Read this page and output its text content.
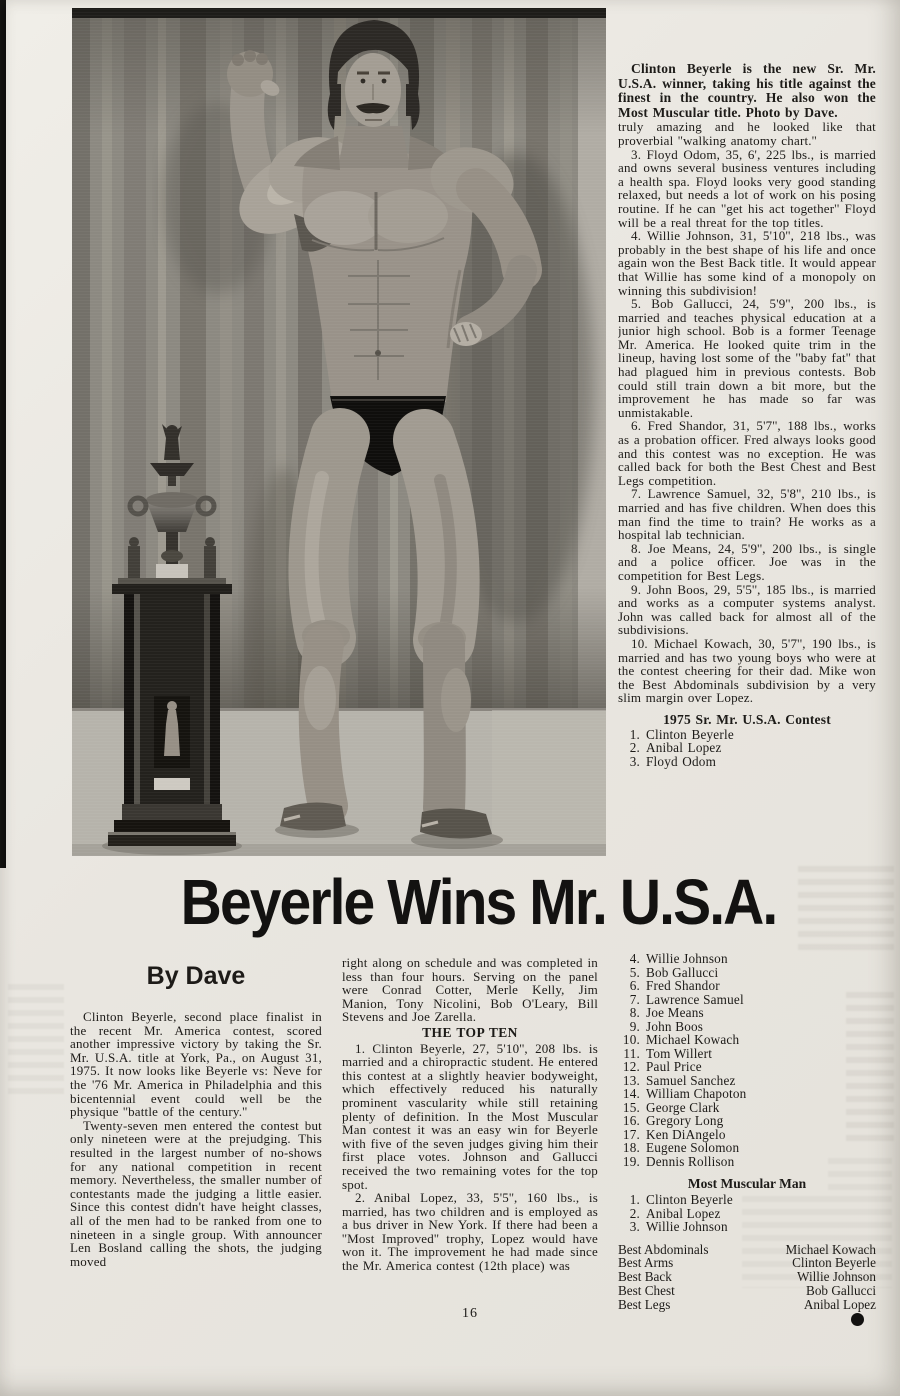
Clinton Beyerle is the new Sr. Mr. U.S.A. winner, taking his title against the finest in the country. He also won the Most Muscular title. Photo by Dave.

truly amazing and he looked like that proverbial ''walking anatomy chart.''

3. Floyd Odom, 35, 6', 225 lbs., is married and owns several business ventures including a health spa. Floyd looks very good standing relaxed, but needs a lot of work on his posing routine. If he can ''get his act together'' Floyd will be a real threat for the top titles.

4. Willie Johnson, 31, 5'10'', 218 lbs., was probably in the best shape of his life and once again won the Best Back title. It would appear that Willie has some kind of a monopoly on winning this subdivision!

5. Bob Gallucci, 24, 5'9'', 200 lbs., is married and teaches physical education at a junior high school. Bob is a former Teenage Mr. America. He looked quite trim in the lineup, having lost some of the ''baby fat'' that had plagued him in previous contests. Bob could still train down a bit more, but the improvement he has made so far was unmistakable.

6. Fred Shandor, 31, 5'7'', 188 lbs., works as a probation officer. Fred always looks good and this contest was no exception. He was called back for both the Best Chest and Best Legs competition.

7. Lawrence Samuel, 32, 5'8'', 210 lbs., is married and has five children. When does this man find the time to train? He works as a hospital lab technician.

8. Joe Means, 24, 5'9'', 200 lbs., is single and a police officer. Joe was in the competition for Best Legs.

9. John Boos, 29, 5'5'', 185 lbs., is married and works as a computer systems analyst. John was called back for almost all of the subdivisions.

10. Michael Kowach, 30, 5'7'', 190 lbs., is married and has two young boys who were at the contest cheering for their dad. Mike won the Best Abdominals subdivision by a very slim margin over Lopez.

1975 Sr. Mr. U.S.A. Contest
1. Clinton Beyerle
2. Anibal Lopez
3. Floyd Odom
Beyerle Wins Mr. U.S.A.
By Dave

Clinton Beyerle, second place finalist in the recent Mr. America contest, scored another impressive victory by taking the Sr. Mr. U.S.A. title at York, Pa., on August 31, 1975. It now looks like Beyerle vs: Neve for the '76 Mr. America in Philadelphia and this bicentennial event could well be the physique ''battle of the century.''

Twenty-seven men entered the contest but only nineteen were at the prejudging. This resulted in the largest number of no-shows for any national competition in recent memory. Nevertheless, the smaller number of contestants made the judging a little easier. Since this contest didn't have height classes, all of the men had to be ranked from one to nineteen in a single group. With announcer Len Bosland calling the shots, the judging moved

right along on schedule and was completed in less than four hours. Serving on the panel were Conrad Cotter, Merle Kelly, Jim Manion, Tony Nicolini, Bob O'Leary, Bill Stevens and Joe Zarella.

THE TOP TEN

1. Clinton Beyerle, 27, 5'10'', 208 lbs. is married and a chiropractic student. He entered this contest at a slightly heavier bodyweight, which effectively reduced his naturally prominent vascularity while still retaining plenty of definition. In the Most Muscular Man contest it was an easy win for Beyerle with five of the seven judges giving him their first place votes. Johnson and Gallucci received the two remaining votes for the top spot.

2. Anibal Lopez, 33, 5'5'', 160 lbs., is married, has two children and is employed as a bus driver in New York. If there had been a ''Most Improved'' trophy, Lopez would have won it. The improvement he had made since the Mr. America contest (12th place) was

4. Willie Johnson
5. Bob Gallucci
6. Fred Shandor
7. Lawrence Samuel
8. Joe Means
9. John Boos
10. Michael Kowach
11. Tom Willert
12. Paul Price
13. Samuel Sanchez
14. William Chapoton
15. George Clark
16. Gregory Long
17. Ken DiAngelo
18. Eugene Solomon
19. Dennis Rollison
Most Muscular Man
1. Clinton Beyerle
2. Anibal Lopez
3. Willie Johnson
Best Abdominals	Michael Kowach
Best Arms	Clinton Beyerle
Best Back	Willie Johnson
Best Chest	Bob Gallucci
Best Legs	Anibal Lopez
16
